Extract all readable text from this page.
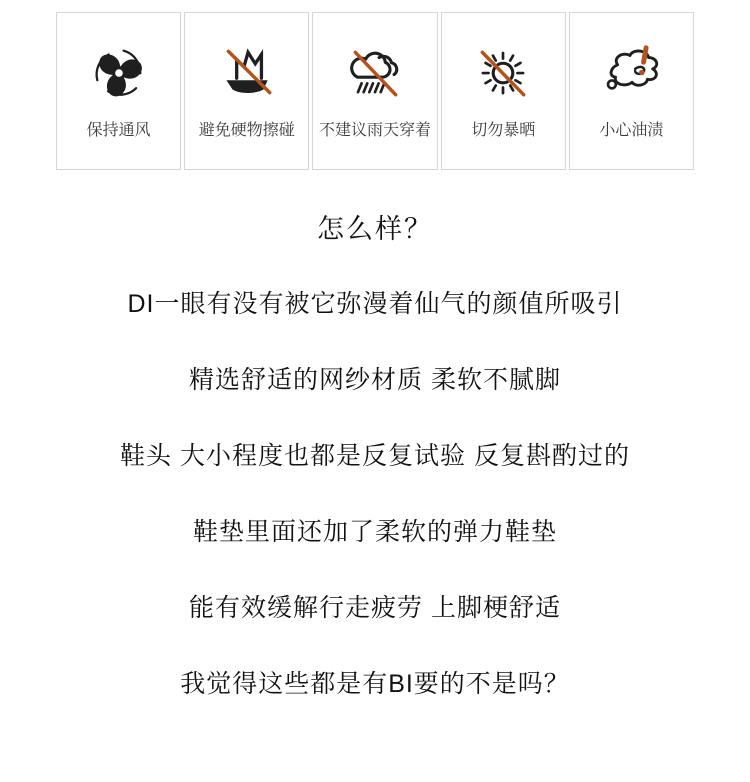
保持通风	避免硬物擦碰 不建议雨天穿着	切勿暴晒	小心油渍
怎么样？
DI一眼有没有被它弥漫着仙气的颜值所吸引
精选舒适的网纱材质 柔软不腻脚
鞋头 大小程度也都是反复试验 反复斟酌过的
鞋垫里面还加了柔软的弹力鞋垫
能有效缓解行走疲劳 上脚梗舒适
我觉得这些都是有BI要的不是吗？
